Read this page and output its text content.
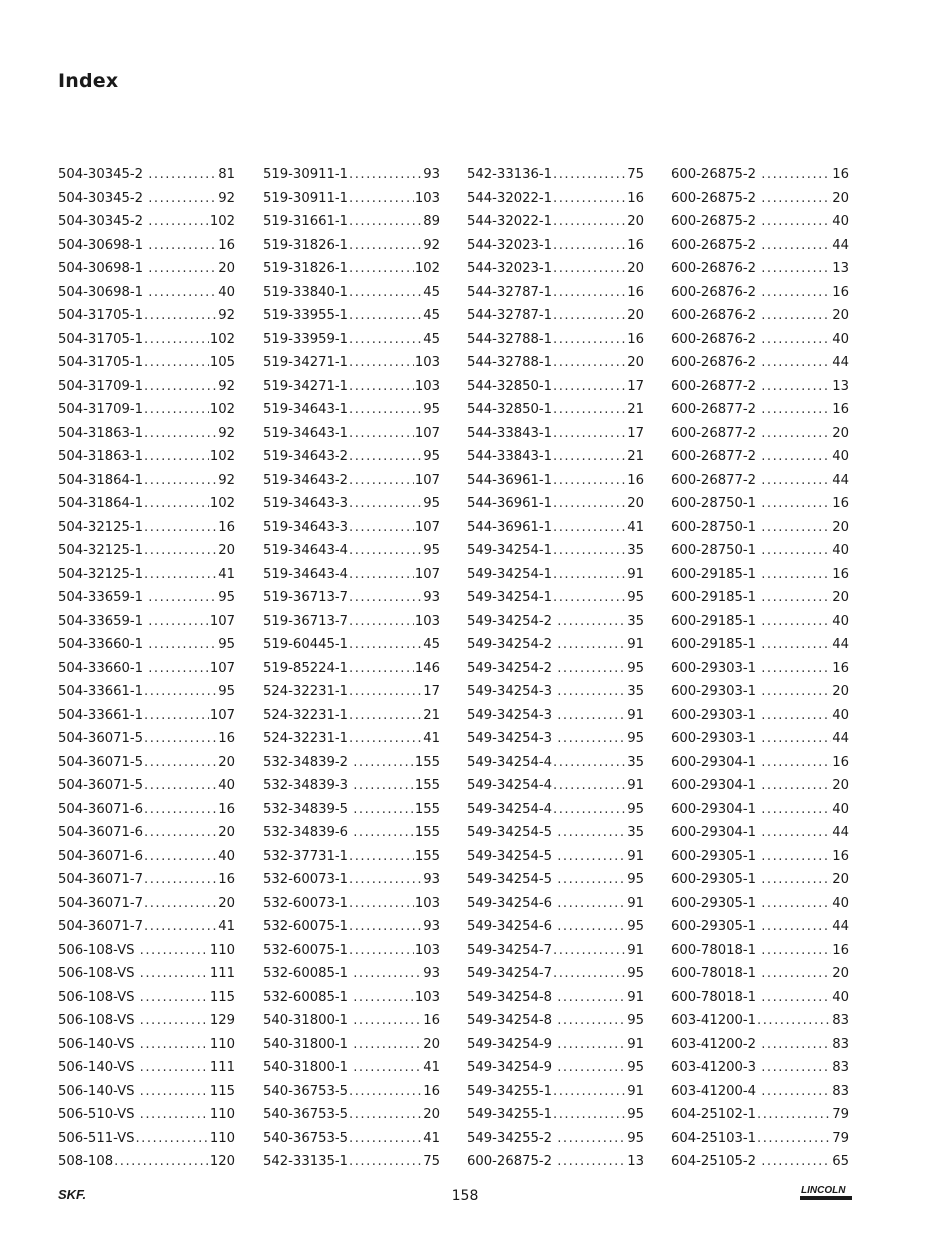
Index
504-30345-2 .....	81
504-30345-2 .....	92
504-30345-2 .....	102
504-30698-1 .....	16
504-30698-1 .....	20
504-30698-1 .....	40
504-31705-1 .....	92
504-31705-1 .....	102
504-31705-1 .....	105
504-31709-1 .....	92
504-31709-1 .....	102
504-31863-1 .....	92
504-31863-1 .....	102
504-31864-1 .....	92
504-31864-1 .....	102
504-32125-1 .....	16
504-32125-1 .....	20
504-32125-1 .....	41
504-33659-1 .....	95
504-33659-1 .....	107
504-33660-1 .....	95
504-33660-1 .....	107
504-33661-1 .....	95
504-33661-1 .....	107
504-36071-5 .....	16
504-36071-5 .....	20
504-36071-5 .....	40
504-36071-6 .....	16
504-36071-6 .....	20
504-36071-6 .....	40
504-36071-7 .....	16
504-36071-7 .....	20
504-36071-7 .....	41
506-108-VS .....	110
506-108-VS .....	111
506-108-VS .....	115
506-108-VS .....	129
506-140-VS .....	110
506-140-VS .....	111
506-140-VS .....	115
506-510-VS .....	110
506-511-VS .....	110
508-108 .....	120
519-30911-1 .....	93
519-30911-1 .....	103
519-31661-1 .....	89
519-31826-1 .....	92
519-31826-1 .....	102
519-33840-1 .....	45
519-33955-1 .....	45
519-33959-1 .....	45
519-34271-1 .....	103
519-34271-1 .....	103
519-34643-1 .....	95
519-34643-1 .....	107
519-34643-2 .....	95
519-34643-2 .....	107
519-34643-3 .....	95
519-34643-3 .....	107
519-34643-4 .....	95
519-34643-4 .....	107
519-36713-7 .....	93
519-36713-7 .....	103
519-60445-1 .....	45
519-85224-1 .....	146
524-32231-1 .....	17
524-32231-1 .....	21
524-32231-1 .....	41
532-34839-2 .....	155
532-34839-3 .....	155
532-34839-5 .....	155
532-34839-6 .....	155
532-37731-1 .....	155
532-60073-1 .....	93
532-60073-1 .....	103
532-60075-1 .....	93
532-60075-1 .....	103
532-60085-1 .....	93
532-60085-1 .....	103
540-31800-1 .....	16
540-31800-1 .....	20
540-31800-1 .....	41
540-36753-5 .....	16
540-36753-5 .....	20
540-36753-5 .....	41
542-33135-1 .....	75
542-33136-1 .....	75
544-32022-1 .....	16
544-32022-1 .....	20
544-32023-1 .....	16
544-32023-1 .....	20
544-32787-1 .....	16
544-32787-1 .....	20
544-32788-1 .....	16
544-32788-1 .....	20
544-32850-1 .....	17
544-32850-1 .....	21
544-33843-1 .....	17
544-33843-1 .....	21
544-36961-1 .....	16
544-36961-1 .....	20
544-36961-1 .....	41
549-34254-1 .....	35
549-34254-1 .....	91
549-34254-1 .....	95
549-34254-2 .....	35
549-34254-2 .....	91
549-34254-2 .....	95
549-34254-3 .....	35
549-34254-3 .....	91
549-34254-3 .....	95
549-34254-4 .....	35
549-34254-4 .....	91
549-34254-4 .....	95
549-34254-5 .....	35
549-34254-5 .....	91
549-34254-5 .....	95
549-34254-6 .....	91
549-34254-6 .....	95
549-34254-7 .....	91
549-34254-7 .....	95
549-34254-8 .....	91
549-34254-8 .....	95
549-34254-9 .....	91
549-34254-9 .....	95
549-34255-1 .....	91
549-34255-1 .....	95
549-34255-2 .....	95
600-26875-2 .....	13
600-26875-2 .....	16
600-26875-2 .....	20
600-26875-2 .....	40
600-26875-2 .....	44
600-26876-2 .....	13
600-26876-2 .....	16
600-26876-2 .....	20
600-26876-2 .....	40
600-26876-2 .....	44
600-26877-2 .....	13
600-26877-2 .....	16
600-26877-2 .....	20
600-26877-2 .....	40
600-26877-2 .....	44
600-28750-1 .....	16
600-28750-1 .....	20
600-28750-1 .....	40
600-29185-1 .....	16
600-29185-1 .....	20
600-29185-1 .....	40
600-29185-1 .....	44
600-29303-1 .....	16
600-29303-1 .....	20
600-29303-1 .....	40
600-29303-1 .....	44
600-29304-1 .....	16
600-29304-1 .....	20
600-29304-1 .....	40
600-29304-1 .....	44
600-29305-1 .....	16
600-29305-1 .....	20
600-29305-1 .....	40
600-29305-1 .....	44
600-78018-1 .....	16
600-78018-1 .....	20
600-78018-1 .....	40
603-41200-1 .....	83
603-41200-2 .....	83
603-41200-3 .....	83
603-41200-4 .....	83
604-25102-1 .....	79
604-25103-1 .....	79
604-25105-2 .....	65
SKF.	158	LINCOLN
